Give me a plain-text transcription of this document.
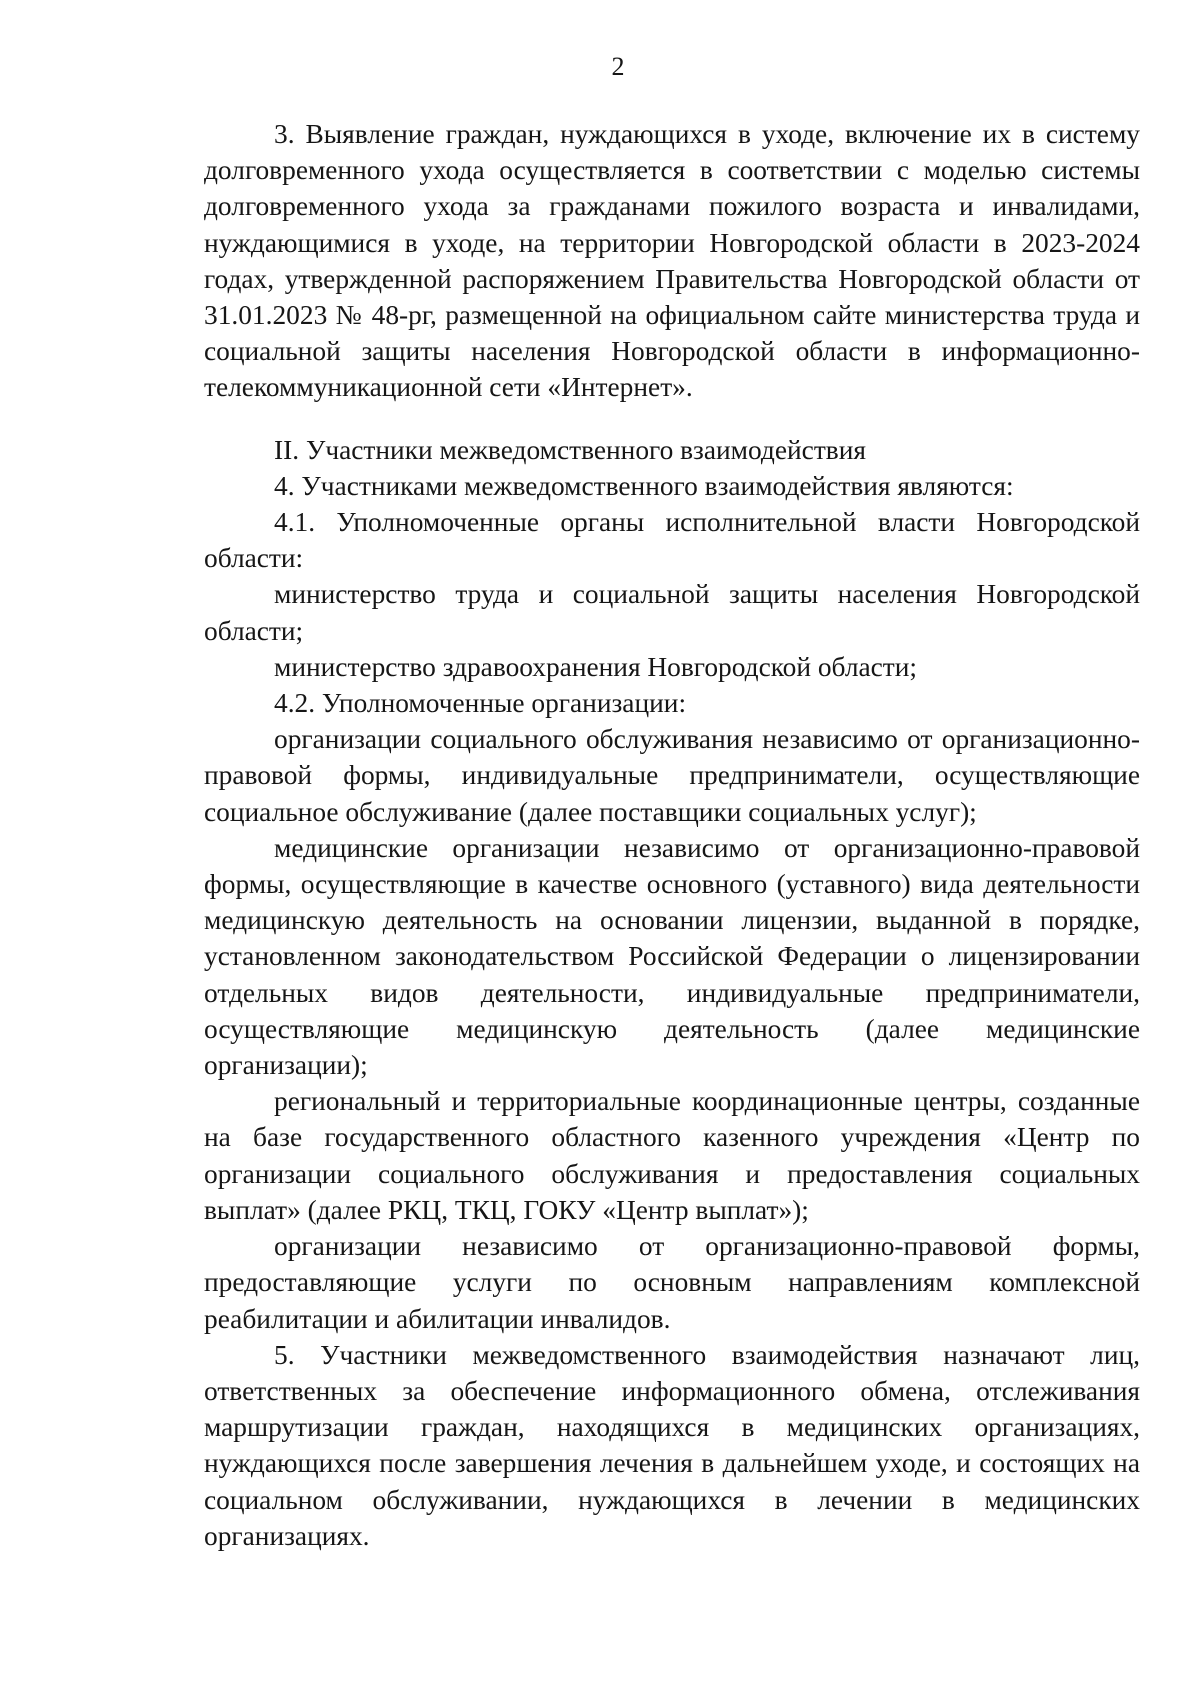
2

3. Выявление граждан, нуждающихся в уходе, включение их в систему долговременного ухода осуществляется в соответствии с моделью системы долговременного ухода за гражданами пожилого возраста и инвалидами, нуждающимися в уходе, на территории Новгородской области в 2023-2024 годах, утвержденной распоряжением Правительства Новгородской области от 31.01.2023 № 48-рг, размещенной на официальном сайте министерства труда и социальной защиты населения Новгородской области в информационно-телекоммуникационной сети «Интернет».

II. Участники межведомственного взаимодействия

4. Участниками межведомственного взаимодействия являются:

4.1. Уполномоченные органы исполнительной власти Новгородской области:

министерство труда и социальной защиты населения Новгородской области;

министерство здравоохранения Новгородской области;

4.2. Уполномоченные организации:

организации социального обслуживания независимо от организационно-правовой формы, индивидуальные предприниматели, осуществляющие социальное обслуживание (далее поставщики социальных услуг);

медицинские организации независимо от организационно-правовой формы, осуществляющие в качестве основного (уставного) вида деятельности медицинскую деятельность на основании лицензии, выданной в порядке, установленном законодательством Российской Федерации о лицензировании отдельных видов деятельности, индивидуальные предприниматели, осуществляющие медицинскую деятельность (далее медицинские организации);

региональный и территориальные координационные центры, созданные на базе государственного областного казенного учреждения «Центр по организации социального обслуживания и предоставления социальных выплат» (далее РКЦ, ТКЦ, ГОКУ «Центр выплат»);

организации независимо от организационно-правовой формы, предоставляющие услуги по основным направлениям комплексной реабилитации и абилитации инвалидов.

5. Участники межведомственного взаимодействия назначают лиц, ответственных за обеспечение информационного обмена, отслеживания маршрутизации граждан, находящихся в медицинских организациях, нуждающихся после завершения лечения в дальнейшем уходе, и состоящих на социальном обслуживании, нуждающихся в лечении в медицинских организациях.
